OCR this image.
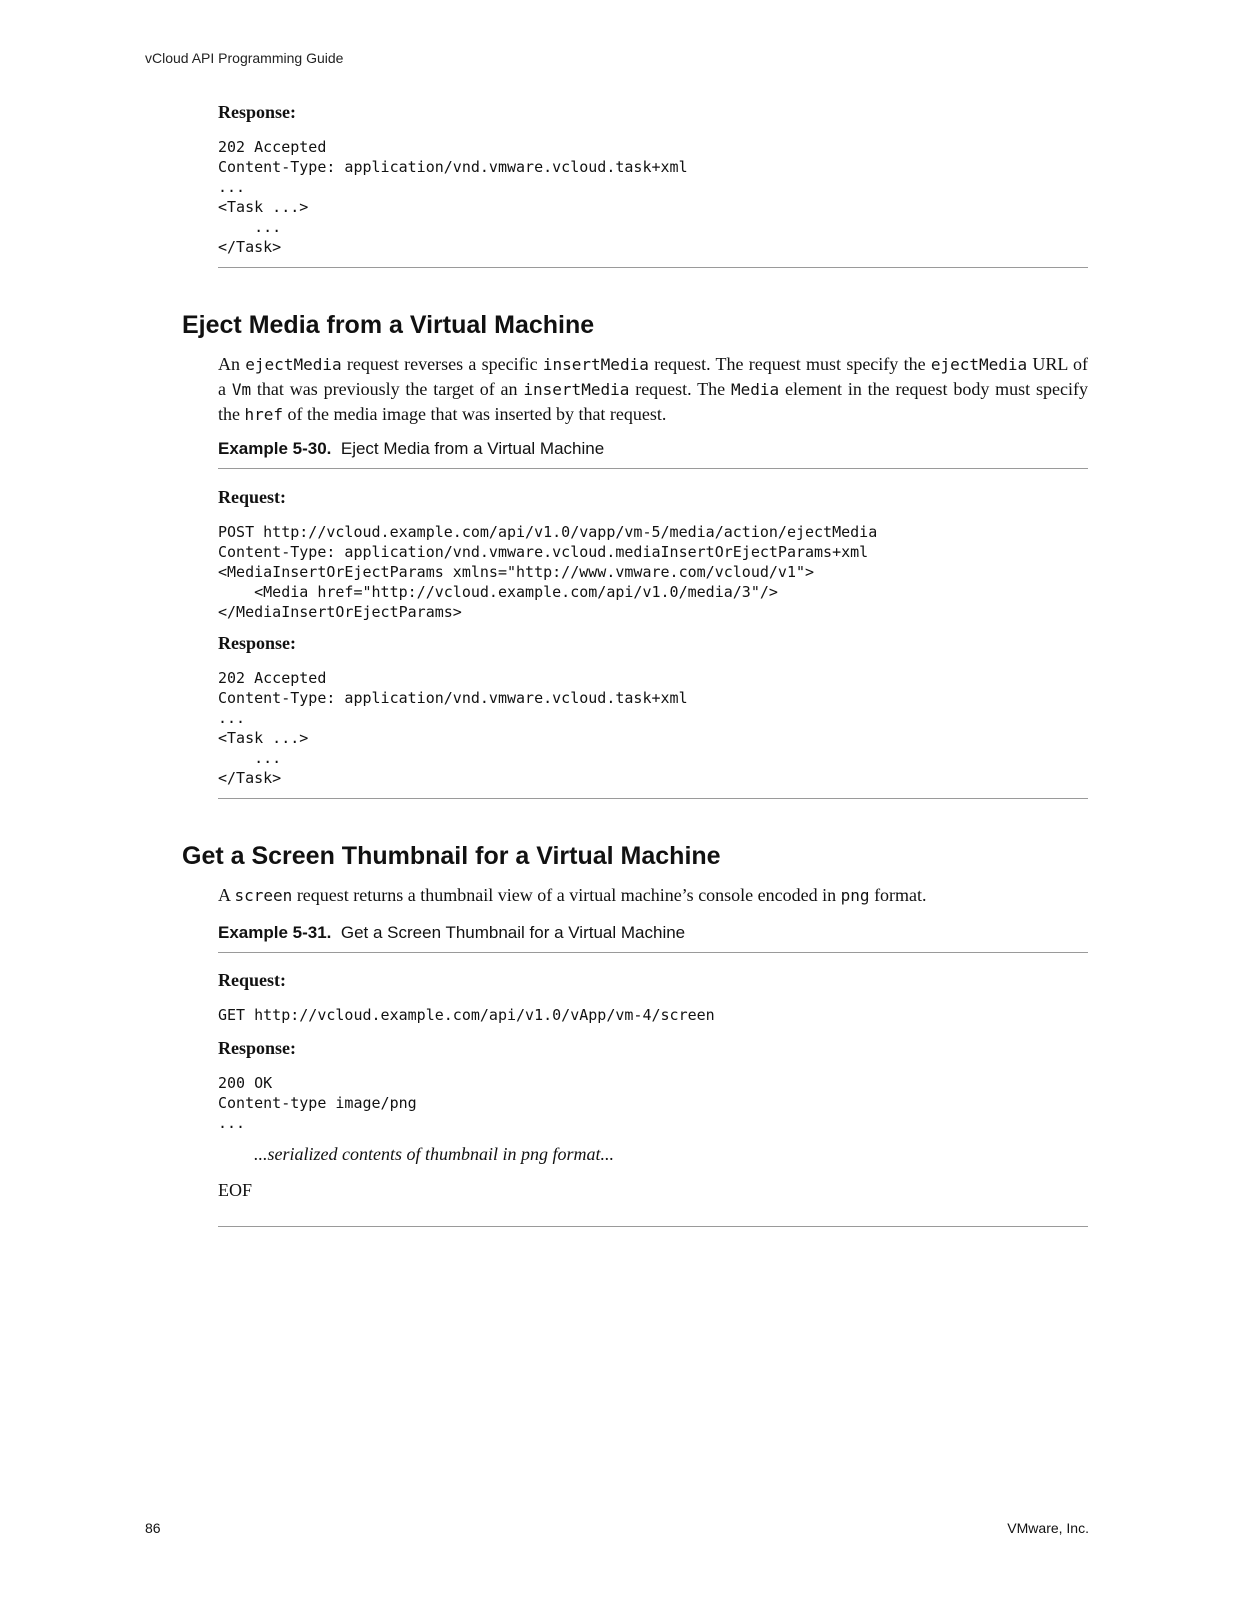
vCloud API Programming Guide

Response:

202 Accepted
Content-Type: application/vnd.vmware.vcloud.task+xml
...
<Task ...>
...
</Task>
Eject Media from a Virtual Machine

An ejectMedia request reverses a specific insertMedia request. The request must specify the ejectMedia URL of a Vm that was previously the target of an insertMedia request. The Media element in the request body must specify the href of the media image that was inserted by that request.

Example 5-30. Eject Media from a Virtual Machine

Request:

POST http://vcloud.example.com/api/v1.0/vapp/vm-5/media/action/ejectMedia
Content-Type: application/vnd.vmware.vcloud.mediaInsertOrEjectParams+xml
<MediaInsertOrEjectParams xmlns="http://www.vmware.com/vcloud/v1">
<Media href="http://vcloud.example.com/api/v1.0/media/3"/>
</MediaInsertOrEjectParams>

Response:

202 Accepted
Content-Type: application/vnd.vmware.vcloud.task+xml
...
<Task ...>
...
</Task>
Get a Screen Thumbnail for a Virtual Machine

A screen request returns a thumbnail view of a virtual machine’s console encoded in png format.

Example 5-31. Get a Screen Thumbnail for a Virtual Machine

Request:

GET http://vcloud.example.com/api/v1.0/vApp/vm-4/screen

Response:

200 OK
Content-type image/png
...

...serialized contents of thumbnail in png format...

EOF

86	VMware, Inc.
